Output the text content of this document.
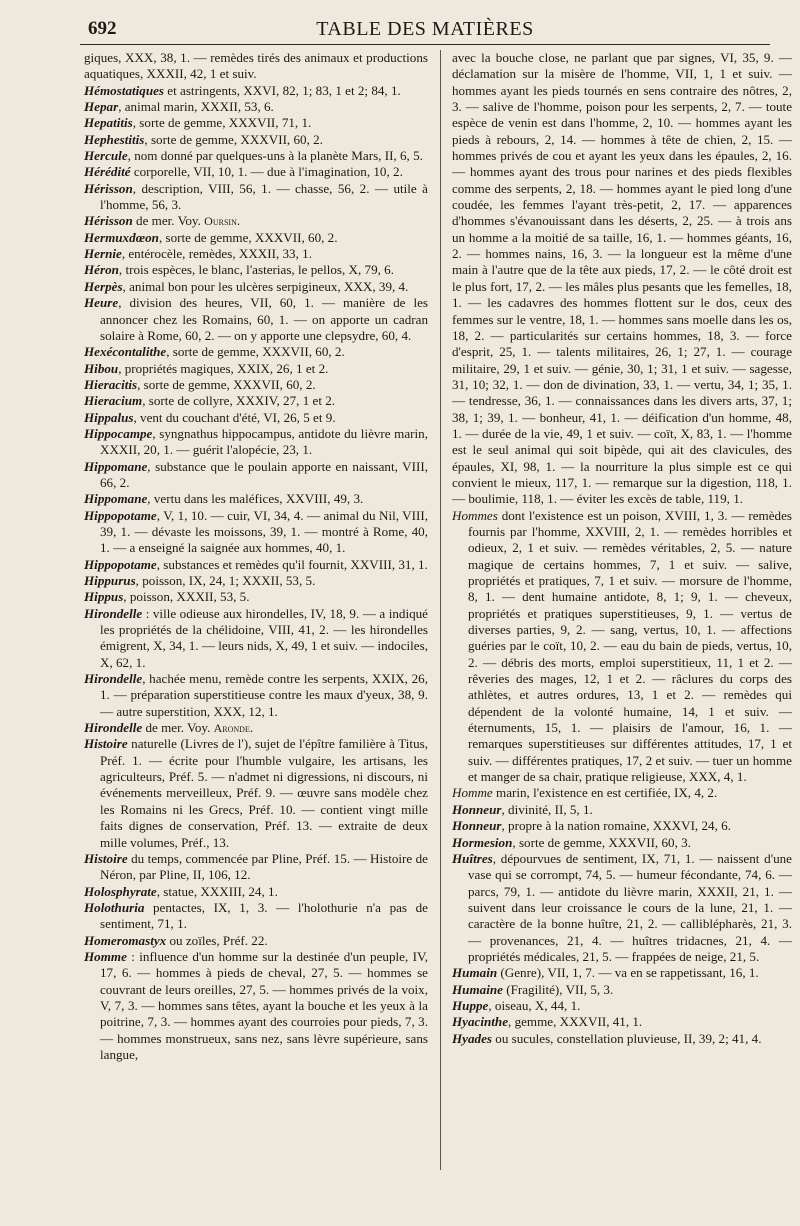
692	TABLE DES MATIÈRES

giques, XXX, 38, 1. — remèdes tirés des animaux et productions aquatiques, XXXII, 42, 1 et suiv.

Hémostatiques et astringents, XXVI, 82, 1; 83, 1 et 2; 84, 1.

Hepar, animal marin, XXXII, 53, 6.

Hepatitis, sorte de gemme, XXXVII, 71, 1.

Hephestitis, sorte de gemme, XXXVII, 60, 2.

Hercule, nom donné par quelques-uns à la planète Mars, II, 6, 5.

Hérédité corporelle, VII, 10, 1. — due à l'imagination, 10, 2.

Hérisson, description, VIII, 56, 1. — chasse, 56, 2. — utile à l'homme, 56, 3.

Hérisson de mer. Voy. Oursin.

Hermuxdœon, sorte de gemme, XXXVII, 60, 2.

Hernie, entérocèle, remèdes, XXXII, 33, 1.

Héron, trois espèces, le blanc, l'asterias, le pellos, X, 79, 6.

Herpès, animal bon pour les ulcères serpigineux, XXX, 39, 4.

Heure, division des heures, VII, 60, 1. — manière de les annoncer chez les Romains, 60, 1. — on apporte un cadran solaire à Rome, 60, 2. — on y apporte une clepsydre, 60, 4.

Hexécontalithe, sorte de gemme, XXXVII, 60, 2.

Hibou, propriétés magiques, XXIX, 26, 1 et 2.

Hieracitis, sorte de gemme, XXXVII, 60, 2.

Hieracium, sorte de collyre, XXXIV, 27, 1 et 2.

Hippalus, vent du couchant d'été, VI, 26, 5 et 9.

Hippocampe, syngnathus hippocampus, antidote du lièvre marin, XXXII, 20, 1. — guérit l'alopécie, 23, 1.

Hippomane, substance que le poulain apporte en naissant, VIII, 66, 2.

Hippomane, vertu dans les maléfices, XXVIII, 49, 3.

Hippopotame, V, 1, 10. — cuir, VI, 34, 4. — animal du Nil, VIII, 39, 1. — dévaste les moissons, 39, 1. — montré à Rome, 40, 1. — a enseigné la saignée aux hommes, 40, 1.

Hippopotame, substances et remèdes qu'il fournit, XXVIII, 31, 1.

Hippurus, poisson, IX, 24, 1; XXXII, 53, 5.

Hippus, poisson, XXXII, 53, 5.

Hirondelle : ville odieuse aux hirondelles, IV, 18, 9. — a indiqué les propriétés de la chélidoine, VIII, 41, 2. — les hirondelles émigrent, X, 34, 1. — leurs nids, X, 49, 1 et suiv. — indociles, X, 62, 1.

Hirondelle, hachée menu, remède contre les serpents, XXIX, 26, 1. — préparation superstitieuse contre les maux d'yeux, 38, 9. — autre superstition, XXX, 12, 1.

Hirondelle de mer. Voy. Aronde.

Histoire naturelle (Livres de l'), sujet de l'épître familière à Titus, Préf. 1. — écrite pour l'humble vulgaire, les artisans, les agriculteurs, Préf. 5. — n'admet ni digressions, ni discours, ni événements merveilleux, Préf. 9. — œuvre sans modèle chez les Romains ni les Grecs, Préf. 10. — contient vingt mille faits dignes de conservation, Préf. 13. — extraite de deux mille volumes, Préf., 13.

Histoire du temps, commencée par Pline, Préf. 15. — Histoire de Néron, par Pline, II, 106, 12.

Holosphyrate, statue, XXXIII, 24, 1.

Holothuria pentactes, IX, 1, 3. — l'holothurie n'a pas de sentiment, 71, 1.

Homeromastyx ou zoïles, Préf. 22.

Homme : influence d'un homme sur la destinée d'un peuple, IV, 17, 6. — hommes à pieds de cheval, 27, 5. — hommes se couvrant de leurs oreilles, 27, 5. — hommes privés de la voix, V, 7, 3. — hommes sans têtes, ayant la bouche et les yeux à la poitrine, 7, 3. — hommes ayant des courroies pour pieds, 7, 3. — hommes monstrueux, sans nez, sans lèvre supérieure, sans langue,

avec la bouche close, ne parlant que par signes, VI, 35, 9. — déclamation sur la misère de l'homme, VII, 1, 1 et suiv. — hommes ayant les pieds tournés en sens contraire des nôtres, 2, 3. — salive de l'homme, poison pour les serpents, 2, 7. — toute espèce de venin est dans l'homme, 2, 10. — hommes ayant les pieds à rebours, 2, 14. — hommes à tête de chien, 2, 15. — hommes privés de cou et ayant les yeux dans les épaules, 2, 16. — hommes ayant des trous pour narines et des pieds flexibles comme des serpents, 2, 18. — hommes ayant le pied long d'une coudée, les femmes l'ayant très-petit, 2, 17. — apparences d'hommes s'évanouissant dans les déserts, 2, 25. — à trois ans un homme a la moitié de sa taille, 16, 1. — hommes géants, 16, 2. — hommes nains, 16, 3. — la longueur est la même d'une main à l'autre que de la tête aux pieds, 17, 2. — le côté droit est le plus fort, 17, 2. — les mâles plus pesants que les femelles, 18, 1. — les cadavres des hommes flottent sur le dos, ceux des femmes sur le ventre, 18, 1. — hommes sans moelle dans les os, 18, 2. — particularités sur certains hommes, 18, 3. — force d'esprit, 25, 1. — talents militaires, 26, 1; 27, 1. — courage militaire, 29, 1 et suiv. — génie, 30, 1; 31, 1 et suiv. — sagesse, 31, 10; 32, 1. — don de divination, 33, 1. — vertu, 34, 1; 35, 1. — tendresse, 36, 1. — connaissances dans les divers arts, 37, 1; 38, 1; 39, 1. — bonheur, 41, 1. — déification d'un homme, 48, 1. — durée de la vie, 49, 1 et suiv. — coït, X, 83, 1. — l'homme est le seul animal qui soit bipède, qui ait des clavicules, des épaules, XI, 98, 1. — la nourriture la plus simple est ce qui convient le mieux, 117, 1. — remarque sur la digestion, 118, 1. — boulimie, 118, 1. — éviter les excès de table, 119, 1.

Hommes dont l'existence est un poison, XVIII, 1, 3. — remèdes fournis par l'homme, XXVIII, 2, 1. — remèdes horribles et odieux, 2, 1 et suiv. — remèdes véritables, 2, 5. — nature magique de certains hommes, 7, 1 et suiv. — salive, propriétés et pratiques, 7, 1 et suiv. — morsure de l'homme, 8, 1. — dent humaine antidote, 8, 1; 9, 1. — cheveux, propriétés et pratiques superstitieuses, 9, 1. — vertus de diverses parties, 9, 2. — sang, vertus, 10, 1. — affections guéries par le coït, 10, 2. — eau du bain de pieds, vertus, 10, 2. — débris des morts, emploi superstitieux, 11, 1 et 2. — rêveries des mages, 12, 1 et 2. — râclures du corps des athlètes, et autres ordures, 13, 1 et 2. — remèdes qui dépendent de la volonté humaine, 14, 1 et suiv. — éternuments, 15, 1. — plaisirs de l'amour, 16, 1. — remarques superstitieuses sur différentes attitudes, 17, 1 et suiv. — différentes pratiques, 17, 2 et suiv. — tuer un homme et manger de sa chair, pratique religieuse, XXX, 4, 1.

Homme marin, l'existence en est certifiée, IX, 4, 2.

Honneur, divinité, II, 5, 1.

Honneur, propre à la nation romaine, XXXVI, 24, 6.

Hormesion, sorte de gemme, XXXVII, 60, 3.

Huîtres, dépourvues de sentiment, IX, 71, 1. — naissent d'une vase qui se corrompt, 74, 5. — humeur fécondante, 74, 6. — parcs, 79, 1. — antidote du lièvre marin, XXXII, 21, 1. — suivent dans leur croissance le cours de la lune, 21, 1. — caractère de la bonne huître, 21, 2. — calliblépharès, 21, 3. — provenances, 21, 4. — huîtres tridacnes, 21, 4. — propriétés médicales, 21, 5. — frappées de neige, 21, 5.

Humain (Genre), VII, 1, 7. — va en se rappetissant, 16, 1.

Humaine (Fragilité), VII, 5, 3.

Huppe, oiseau, X, 44, 1.

Hyacinthe, gemme, XXXVII, 41, 1.

Hyades ou sucules, constellation pluvieuse, II, 39, 2; 41, 4.
